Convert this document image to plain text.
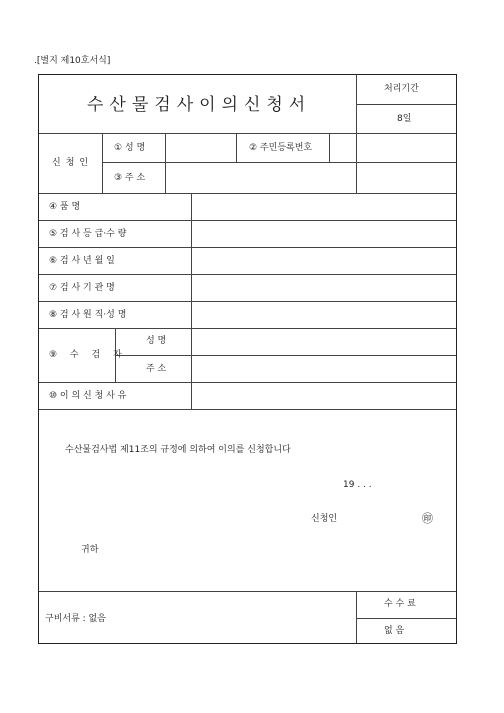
.[별지 제10호서식]
수산물검사이의신청서
처리기간
8일
신청인
① 성 명	② 주민등록번호
③ 주 소
④ 품 명
⑤ 검 사 등 급·수 량
⑥ 검 사 년 월 일
⑦ 검 사 기 관 명
⑧ 검 사 원 직·성 명
⑨ 수 검 자
성 명
주 소
⑩ 이 의 신 청 사 유
수산물검사법 제11조의 규정에 의하여 이의를 신청합니다
19 . . .
신청인	㊞
귀하
구비서류 : 없음
수 수 료
없 음
